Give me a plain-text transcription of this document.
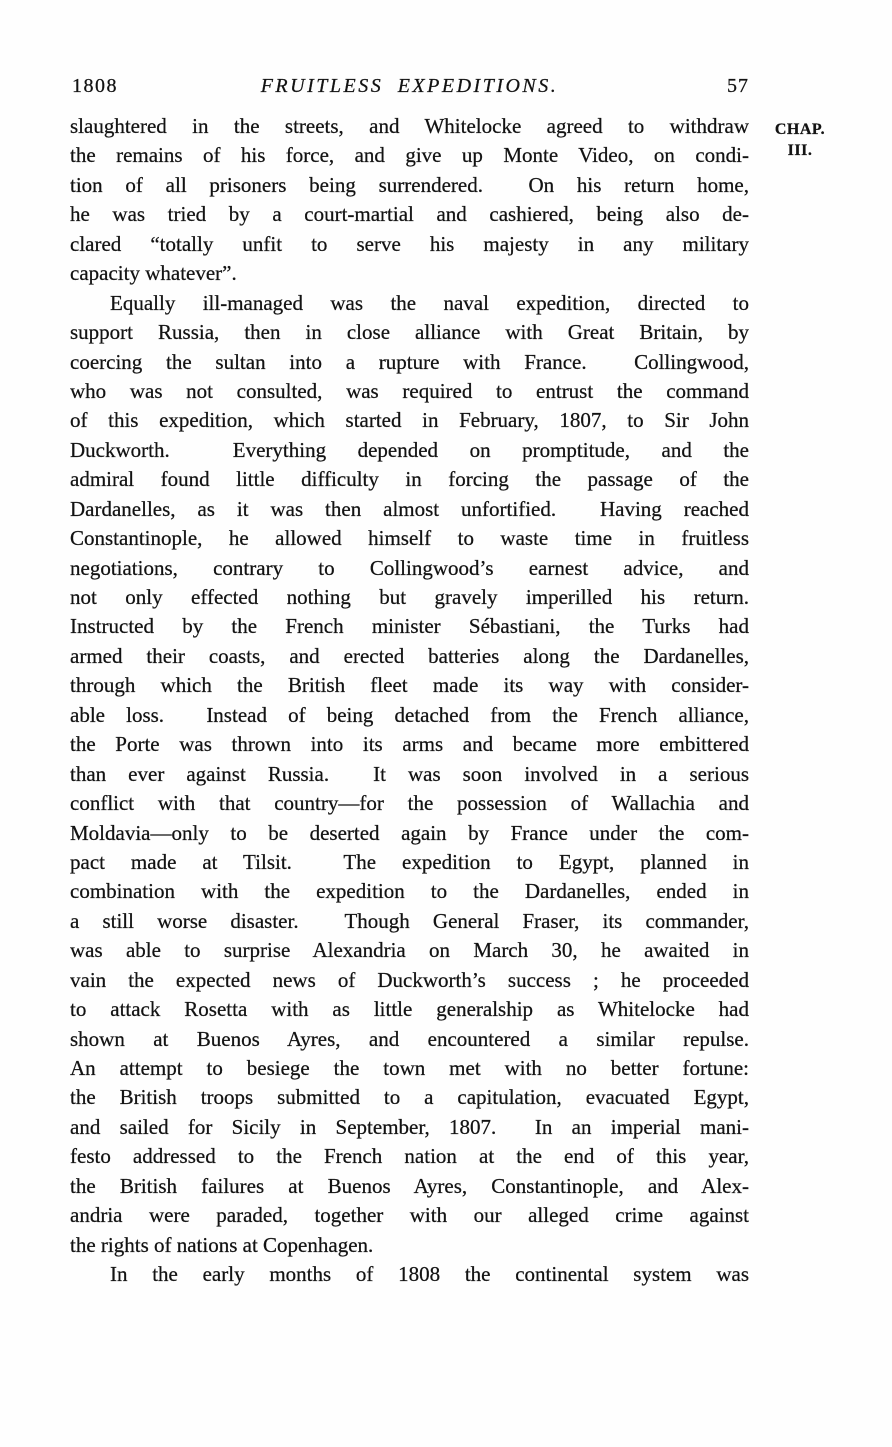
1808	FRUITLESS EXPEDITIONS.	57
CHAP.
III.
slaughtered in the streets, and Whitelocke agreed to withdraw
the remains of his force, and give up Monte Video, on condi-
tion of all prisoners being surrendered.  On his return home,
he was tried by a court-martial and cashiered, being also de-
clared “totally unfit to serve his majesty in any military
capacity whatever”.
Equally ill-managed was the naval expedition, directed to
support Russia, then in close alliance with Great Britain, by
coercing the sultan into a rupture with France.  Collingwood,
who was not consulted, was required to entrust the command
of this expedition, which started in February, 1807, to Sir John
Duckworth.  Everything depended on promptitude, and the
admiral found little difficulty in forcing the passage of the
Dardanelles, as it was then almost unfortified.  Having reached
Constantinople, he allowed himself to waste time in fruitless
negotiations, contrary to Collingwood’s earnest advice, and
not only effected nothing but gravely imperilled his return.
Instructed by the French minister Sébastiani, the Turks had
armed their coasts, and erected batteries along the Dardanelles,
through which the British fleet made its way with consider-
able loss.  Instead of being detached from the French alliance,
the Porte was thrown into its arms and became more embittered
than ever against Russia.  It was soon involved in a serious
conflict with that country—for the possession of Wallachia and
Moldavia—only to be deserted again by France under the com-
pact made at Tilsit.  The expedition to Egypt, planned in
combination with the expedition to the Dardanelles, ended in
a still worse disaster.  Though General Fraser, its commander,
was able to surprise Alexandria on March 30, he awaited in
vain the expected news of Duckworth’s success ; he proceeded
to attack Rosetta with as little generalship as Whitelocke had
shown at Buenos Ayres, and encountered a similar repulse.
An attempt to besiege the town met with no better fortune:
the British troops submitted to a capitulation, evacuated Egypt,
and sailed for Sicily in September, 1807.  In an imperial mani-
festo addressed to the French nation at the end of this year,
the British failures at Buenos Ayres, Constantinople, and Alex-
andria were paraded, together with our alleged crime against
the rights of nations at Copenhagen.
In the early months of 1808 the continental system was
